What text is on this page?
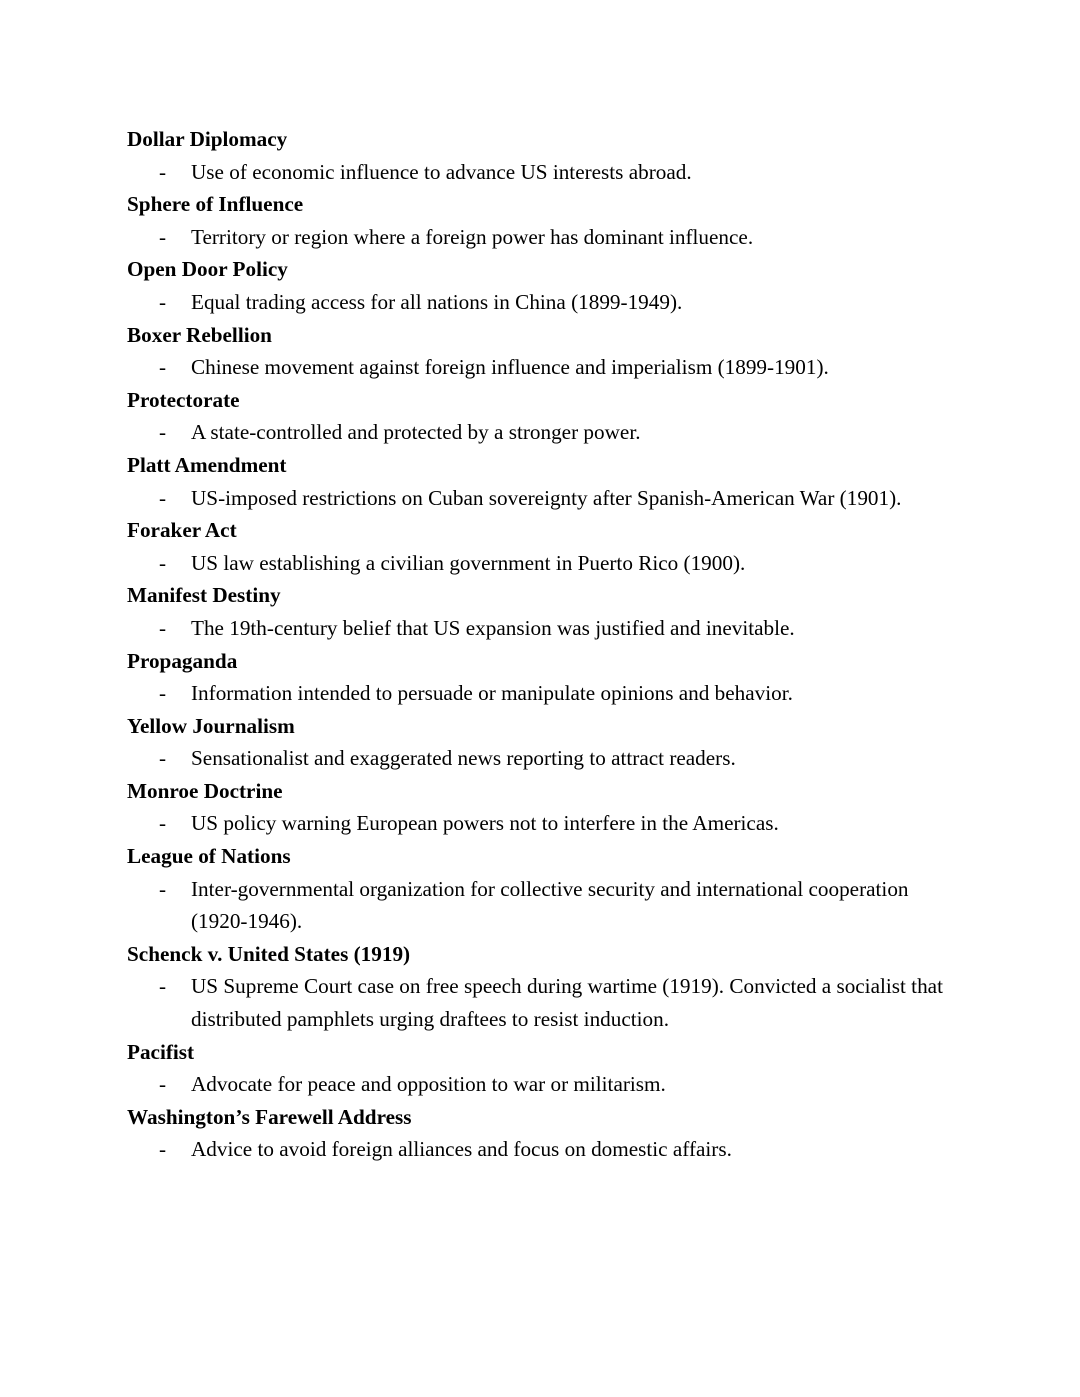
Dollar Diplomacy
-	Use of economic influence to advance US interests abroad.
Sphere of Influence
-	Territory or region where a foreign power has dominant influence.
Open Door Policy
-	Equal trading access for all nations in China (1899-1949).
Boxer Rebellion
-	Chinese movement against foreign influence and imperialism (1899-1901).
Protectorate
-	A state-controlled and protected by a stronger power.
Platt Amendment
-	US-imposed restrictions on Cuban sovereignty after Spanish-American War (1901).
Foraker Act
-	US law establishing a civilian government in Puerto Rico (1900).
Manifest Destiny
-	The 19th-century belief that US expansion was justified and inevitable.
Propaganda
-	Information intended to persuade or manipulate opinions and behavior.
Yellow Journalism
-	Sensationalist and exaggerated news reporting to attract readers.
Monroe Doctrine
-	US policy warning European powers not to interfere in the Americas.
League of Nations
-	Inter-governmental organization for collective security and international cooperation (1920-1946).
Schenck v. United States (1919)
-	US Supreme Court case on free speech during wartime (1919). Convicted a socialist that distributed pamphlets urging draftees to resist induction.
Pacifist
-	Advocate for peace and opposition to war or militarism.
Washington’s Farewell Address
-	Advice to avoid foreign alliances and focus on domestic affairs.
